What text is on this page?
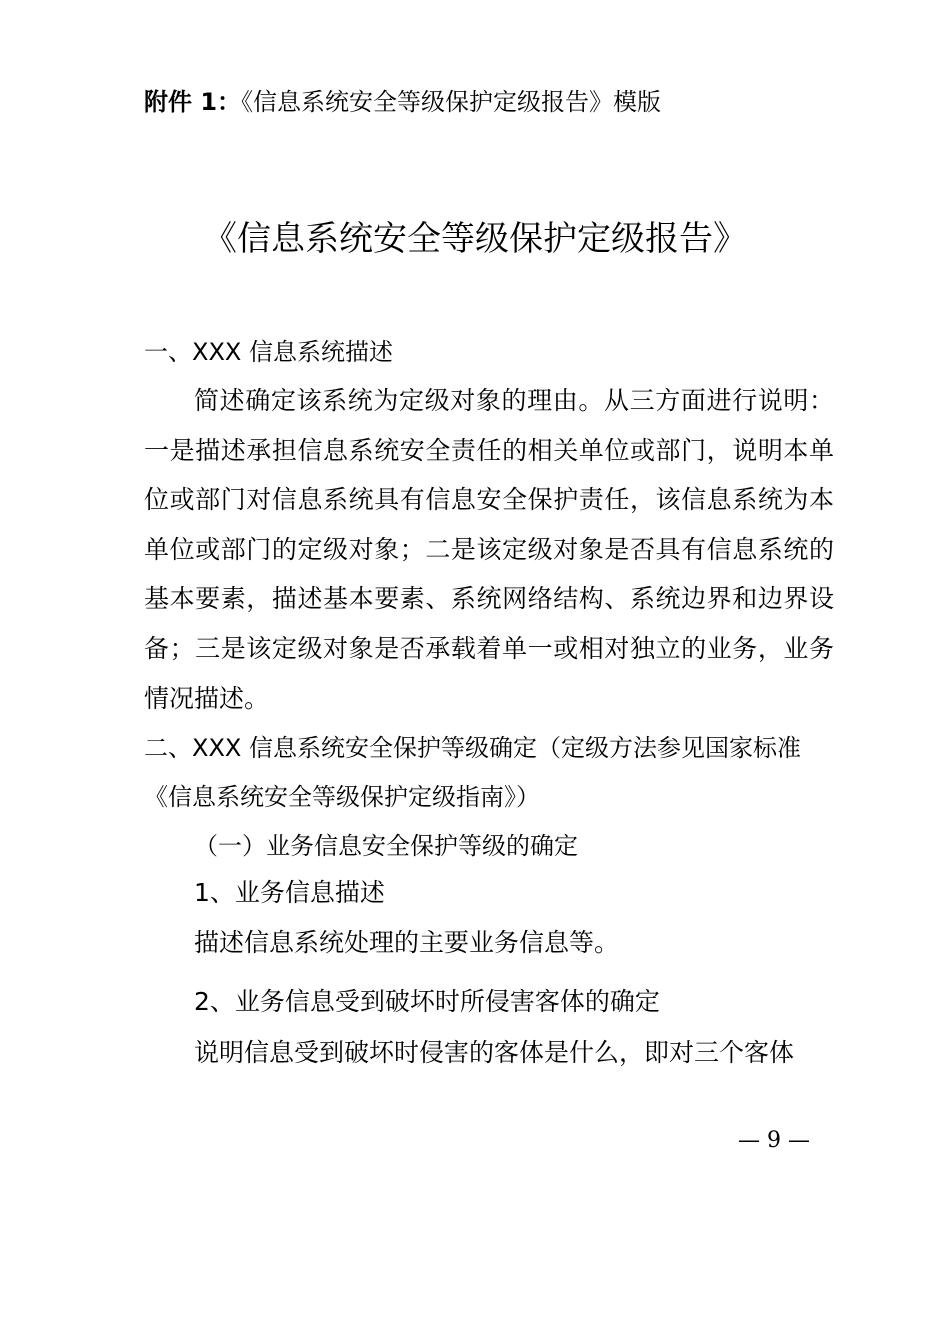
附件 1：《信息系统安全等级保护定级报告》模版
《信息系统安全等级保护定级报告》
一、XXX 信息系统描述

简述确定该系统为定级对象的理由。从三方面进行说明：一是描述承担信息系统安全责任的相关单位或部门，说明本单位或部门对信息系统具有信息安全保护责任，该信息系统为本单位或部门的定级对象；二是该定级对象是否具有信息系统的基本要素，描述基本要素、系统网络结构、系统边界和边界设备；三是该定级对象是否承载着单一或相对独立的业务，业务情况描述。

二、XXX 信息系统安全保护等级确定（定级方法参见国家标准
《信息系统安全等级保护定级指南》）
（一）业务信息安全保护等级的确定
1、业务信息描述
描述信息系统处理的主要业务信息等。
2、业务信息受到破坏时所侵害客体的确定
说明信息受到破坏时侵害的客体是什么，即对三个客体
— 9 —
